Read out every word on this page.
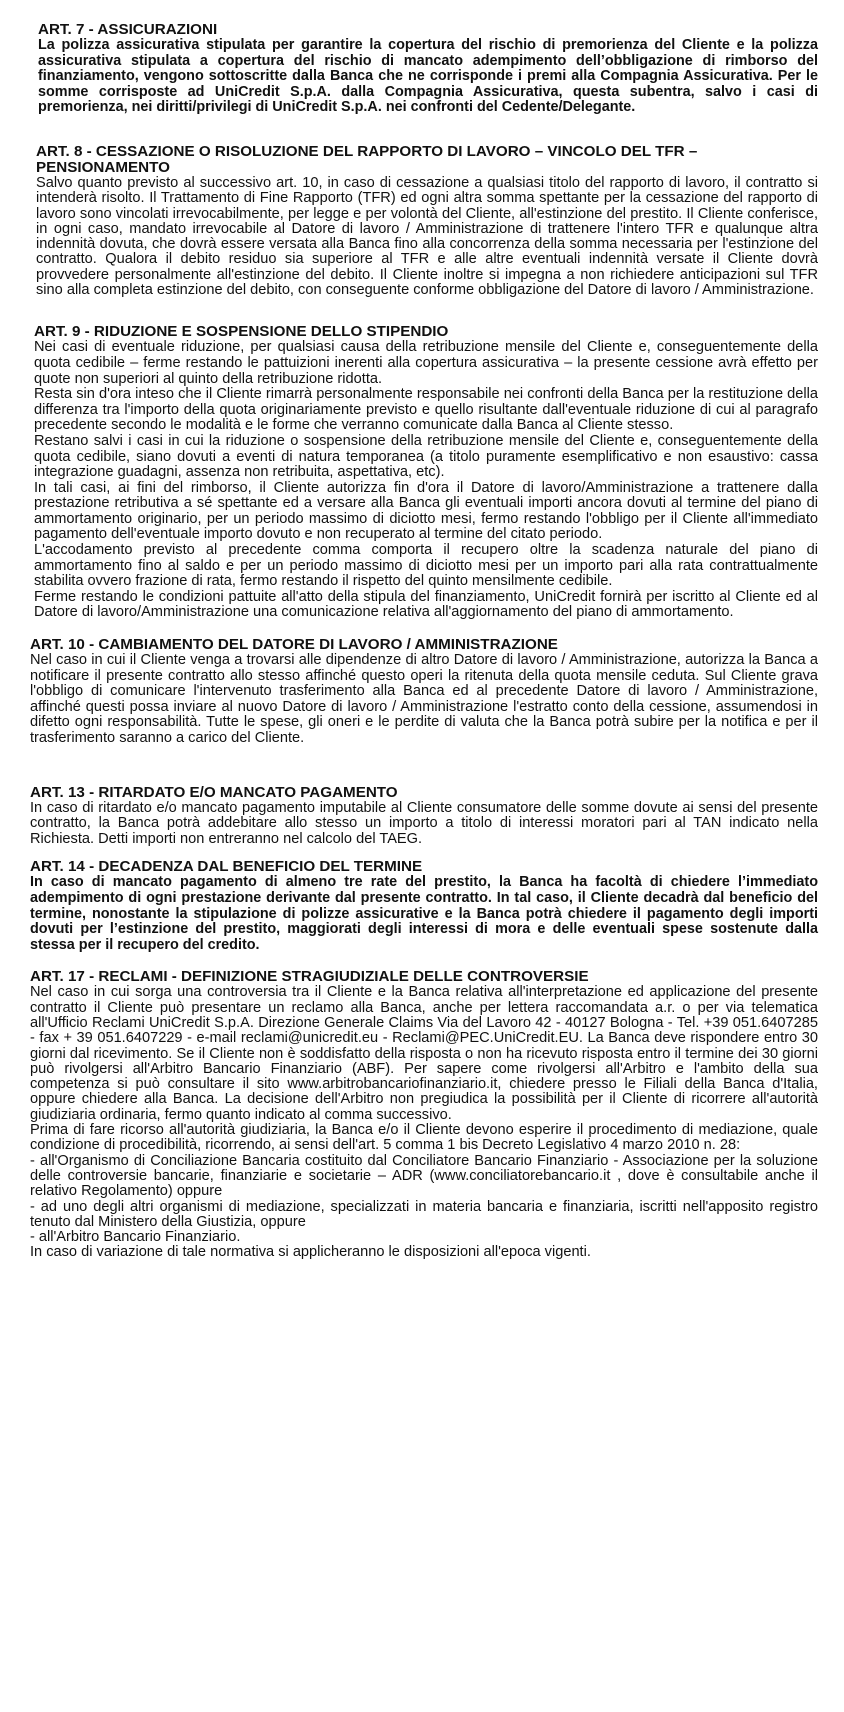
ART. 7 - ASSICURAZIONI

La polizza assicurativa stipulata per garantire la copertura del rischio di premorienza del Cliente e la polizza assicurativa stipulata a copertura del rischio di mancato adempimento dell’obbligazione di rimborso del finanziamento, vengono sottoscritte dalla Banca che ne corrisponde i premi alla Compagnia Assicurativa. Per le somme corrisposte ad UniCredit S.p.A. dalla Compagnia Assicurativa, questa subentra, salvo i casi di premorienza, nei diritti/privilegi di UniCredit S.p.A. nei confronti del Cedente/Delegante.

ART. 8 - CESSAZIONE O RISOLUZIONE DEL RAPPORTO DI LAVORO – VINCOLO DEL TFR – PENSIONAMENTO

Salvo quanto previsto al successivo art. 10, in caso di cessazione a qualsiasi titolo del rapporto di lavoro, il contratto si intenderà risolto. Il Trattamento di Fine Rapporto (TFR) ed ogni altra somma spettante per la cessazione del rapporto di lavoro sono vincolati irrevocabilmente, per legge e per volontà del Cliente, all'estinzione del prestito. Il Cliente conferisce, in ogni caso, mandato irrevocabile al Datore di lavoro / Amministrazione di trattenere l'intero TFR e qualunque altra indennità dovuta, che dovrà essere versata alla Banca fino alla concorrenza della somma necessaria per l'estinzione del contratto. Qualora il debito residuo sia superiore al TFR e alle altre eventuali indennità versate il Cliente dovrà provvedere personalmente all'estinzione del debito. Il Cliente inoltre si impegna a non richiedere anticipazioni sul TFR sino alla completa estinzione del debito, con conseguente conforme obbligazione del Datore di lavoro / Amministrazione.

ART. 9 - RIDUZIONE E SOSPENSIONE DELLO STIPENDIO

Nei casi di eventuale riduzione, per qualsiasi causa della retribuzione mensile del Cliente e, conseguentemente della quota cedibile – ferme restando le pattuizioni inerenti alla copertura assicurativa – la presente cessione avrà effetto per quote non superiori al quinto della retribuzione ridotta.

Resta sin d'ora inteso che il Cliente rimarrà personalmente responsabile nei confronti della Banca per la restituzione della differenza tra l'importo della quota originariamente previsto e quello risultante dall'eventuale riduzione di cui al paragrafo precedente secondo le modalità e le forme che verranno comunicate dalla Banca al Cliente stesso.

Restano salvi i casi in cui la riduzione o sospensione della retribuzione mensile del Cliente e, conseguentemente della quota cedibile, siano dovuti a eventi di natura temporanea (a titolo puramente esemplificativo e non esaustivo: cassa integrazione guadagni, assenza non retribuita, aspettativa, etc).

In tali casi, ai fini del rimborso, il Cliente autorizza fin d'ora il Datore di lavoro/Amministrazione a trattenere dalla prestazione retributiva a sé spettante ed a versare alla Banca gli eventuali importi ancora dovuti al termine del piano di ammortamento originario, per un periodo massimo di diciotto mesi, fermo restando l'obbligo per il Cliente all'immediato pagamento dell'eventuale importo dovuto e non recuperato al termine del citato periodo.

L'accodamento previsto al precedente comma comporta il recupero oltre la scadenza naturale del piano di ammortamento fino al saldo e per un periodo massimo di diciotto mesi per un importo pari alla rata contrattualmente stabilita ovvero frazione di rata, fermo restando il rispetto del quinto mensilmente cedibile.

Ferme restando le condizioni pattuite all'atto della stipula del finanziamento, UniCredit fornirà per iscritto al Cliente ed al Datore di lavoro/Amministrazione una comunicazione relativa all'aggiornamento del piano di ammortamento.

ART. 10 - CAMBIAMENTO DEL DATORE DI LAVORO / AMMINISTRAZIONE

Nel caso in cui il Cliente venga a trovarsi alle dipendenze di altro Datore di lavoro / Amministrazione, autorizza la Banca a notificare il presente contratto allo stesso affinché questo operi la ritenuta della quota mensile ceduta. Sul Cliente grava l'obbligo di comunicare l'intervenuto trasferimento alla Banca ed al precedente Datore di lavoro / Amministrazione, affinché questi possa inviare al nuovo Datore di lavoro / Amministrazione l'estratto conto della cessione, assumendosi in difetto ogni responsabilità. Tutte le spese, gli oneri e le perdite di valuta che la Banca potrà subire per la notifica e per il trasferimento saranno a carico del Cliente.

ART. 13 - RITARDATO E/O MANCATO PAGAMENTO

In caso di ritardato e/o mancato pagamento imputabile al Cliente consumatore delle somme dovute ai sensi del presente contratto, la Banca potrà addebitare allo stesso un importo a titolo di interessi moratori pari al TAN indicato nella Richiesta. Detti importi non entreranno nel calcolo del TAEG.

ART. 14 - DECADENZA DAL BENEFICIO DEL TERMINE

In caso di mancato pagamento di almeno tre rate del prestito, la Banca ha facoltà di chiedere l’immediato adempimento di ogni prestazione derivante dal presente contratto. In tal caso, il Cliente decadrà dal beneficio del termine, nonostante la stipulazione di polizze assicurative e la Banca potrà chiedere il pagamento degli importi dovuti per l’estinzione del prestito, maggiorati degli interessi di mora e delle eventuali spese sostenute dalla stessa per il recupero del credito.

ART. 17 - RECLAMI - DEFINIZIONE STRAGIUDIZIALE DELLE CONTROVERSIE

Nel caso in cui sorga una controversia tra il Cliente e la Banca relativa all'interpretazione ed applicazione del presente contratto il Cliente può presentare un reclamo alla Banca, anche per lettera raccomandata a.r. o per via telematica all'Ufficio Reclami UniCredit S.p.A. Direzione Generale Claims Via del Lavoro 42 - 40127 Bologna - Tel. +39 051.6407285 - fax + 39 051.6407229 - e-mail reclami@unicredit.eu - Reclami@PEC.UniCredit.EU. La Banca deve rispondere entro 30 giorni dal ricevimento. Se il Cliente non è soddisfatto della risposta o non ha ricevuto risposta entro il termine dei 30 giorni può rivolgersi all'Arbitro Bancario Finanziario (ABF). Per sapere come rivolgersi all'Arbitro e l'ambito della sua competenza si può consultare il sito www.arbitrobancariofinanziario.it, chiedere presso le Filiali della Banca d'Italia, oppure chiedere alla Banca. La decisione dell'Arbitro non pregiudica la possibilità per il Cliente di ricorrere all'autorità giudiziaria ordinaria, fermo quanto indicato al comma successivo.

Prima di fare ricorso all'autorità giudiziaria, la Banca e/o il Cliente devono esperire il procedimento di mediazione, quale condizione di procedibilità, ricorrendo, ai sensi dell'art. 5 comma 1 bis Decreto Legislativo 4 marzo 2010 n. 28:

- all'Organismo di Conciliazione Bancaria costituito dal Conciliatore Bancario Finanziario - Associazione per la soluzione delle controversie bancarie, finanziarie e societarie – ADR (www.conciliatorebancario.it , dove è consultabile anche il relativo Regolamento) oppure

- ad uno degli altri organismi di mediazione, specializzati in materia bancaria e finanziaria, iscritti nell'apposito registro tenuto dal Ministero della Giustizia, oppure

- all'Arbitro Bancario Finanziario.

In caso di variazione di tale normativa si applicheranno le disposizioni all'epoca vigenti.
